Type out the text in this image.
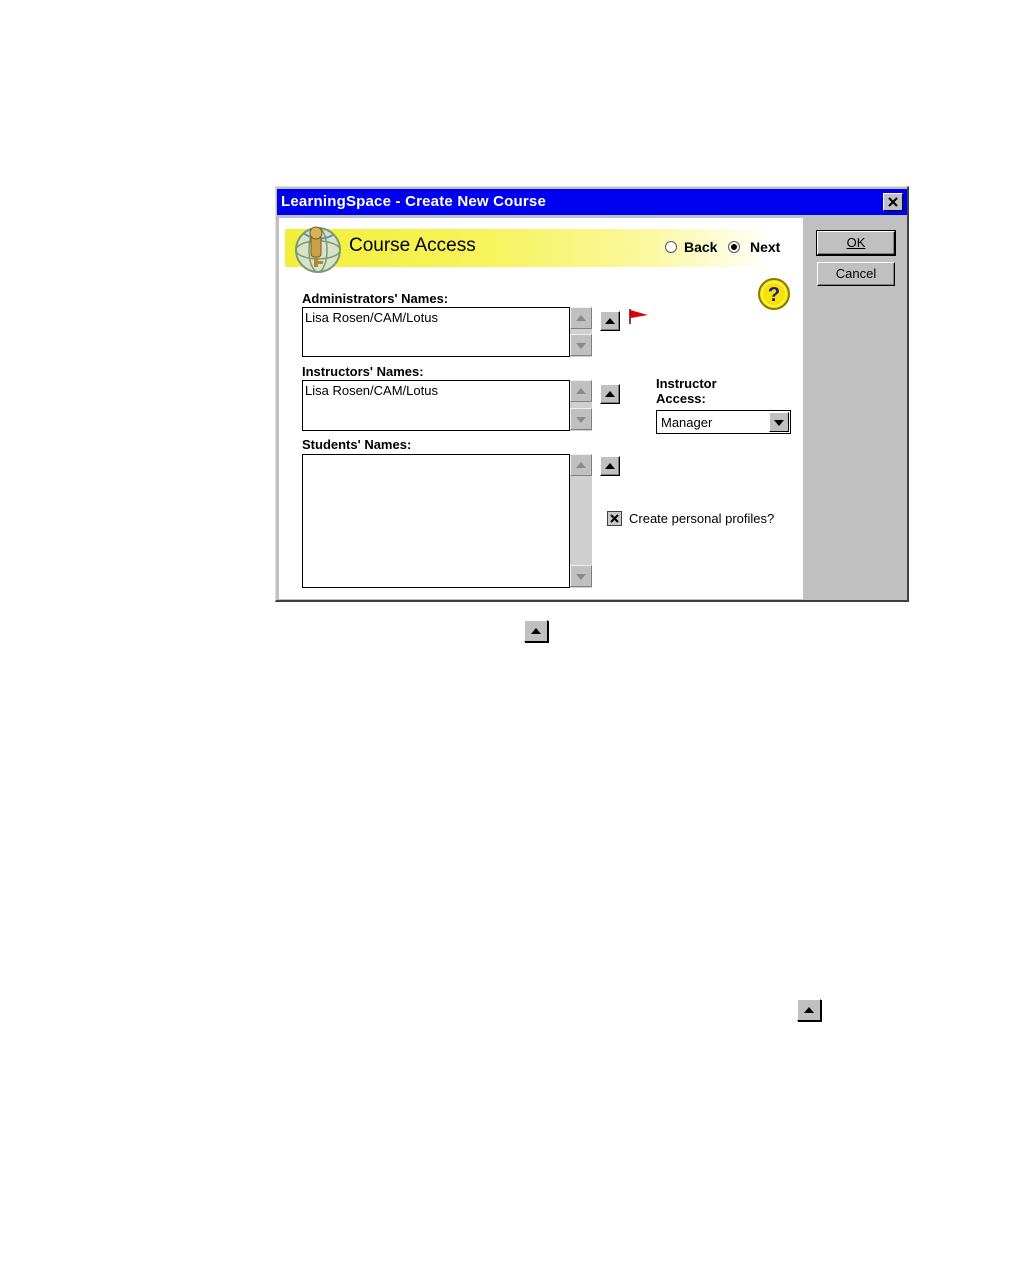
LearningSpace - Create New Course
OK
Cancel
Course Access	Back Next
?
Administrators' Names:
Lisa Rosen/CAM/Lotus
Instructors' Names:
Lisa Rosen/CAM/Lotus	Instructor
Access:
Manager
Students' Names:
Create personal profiles?
